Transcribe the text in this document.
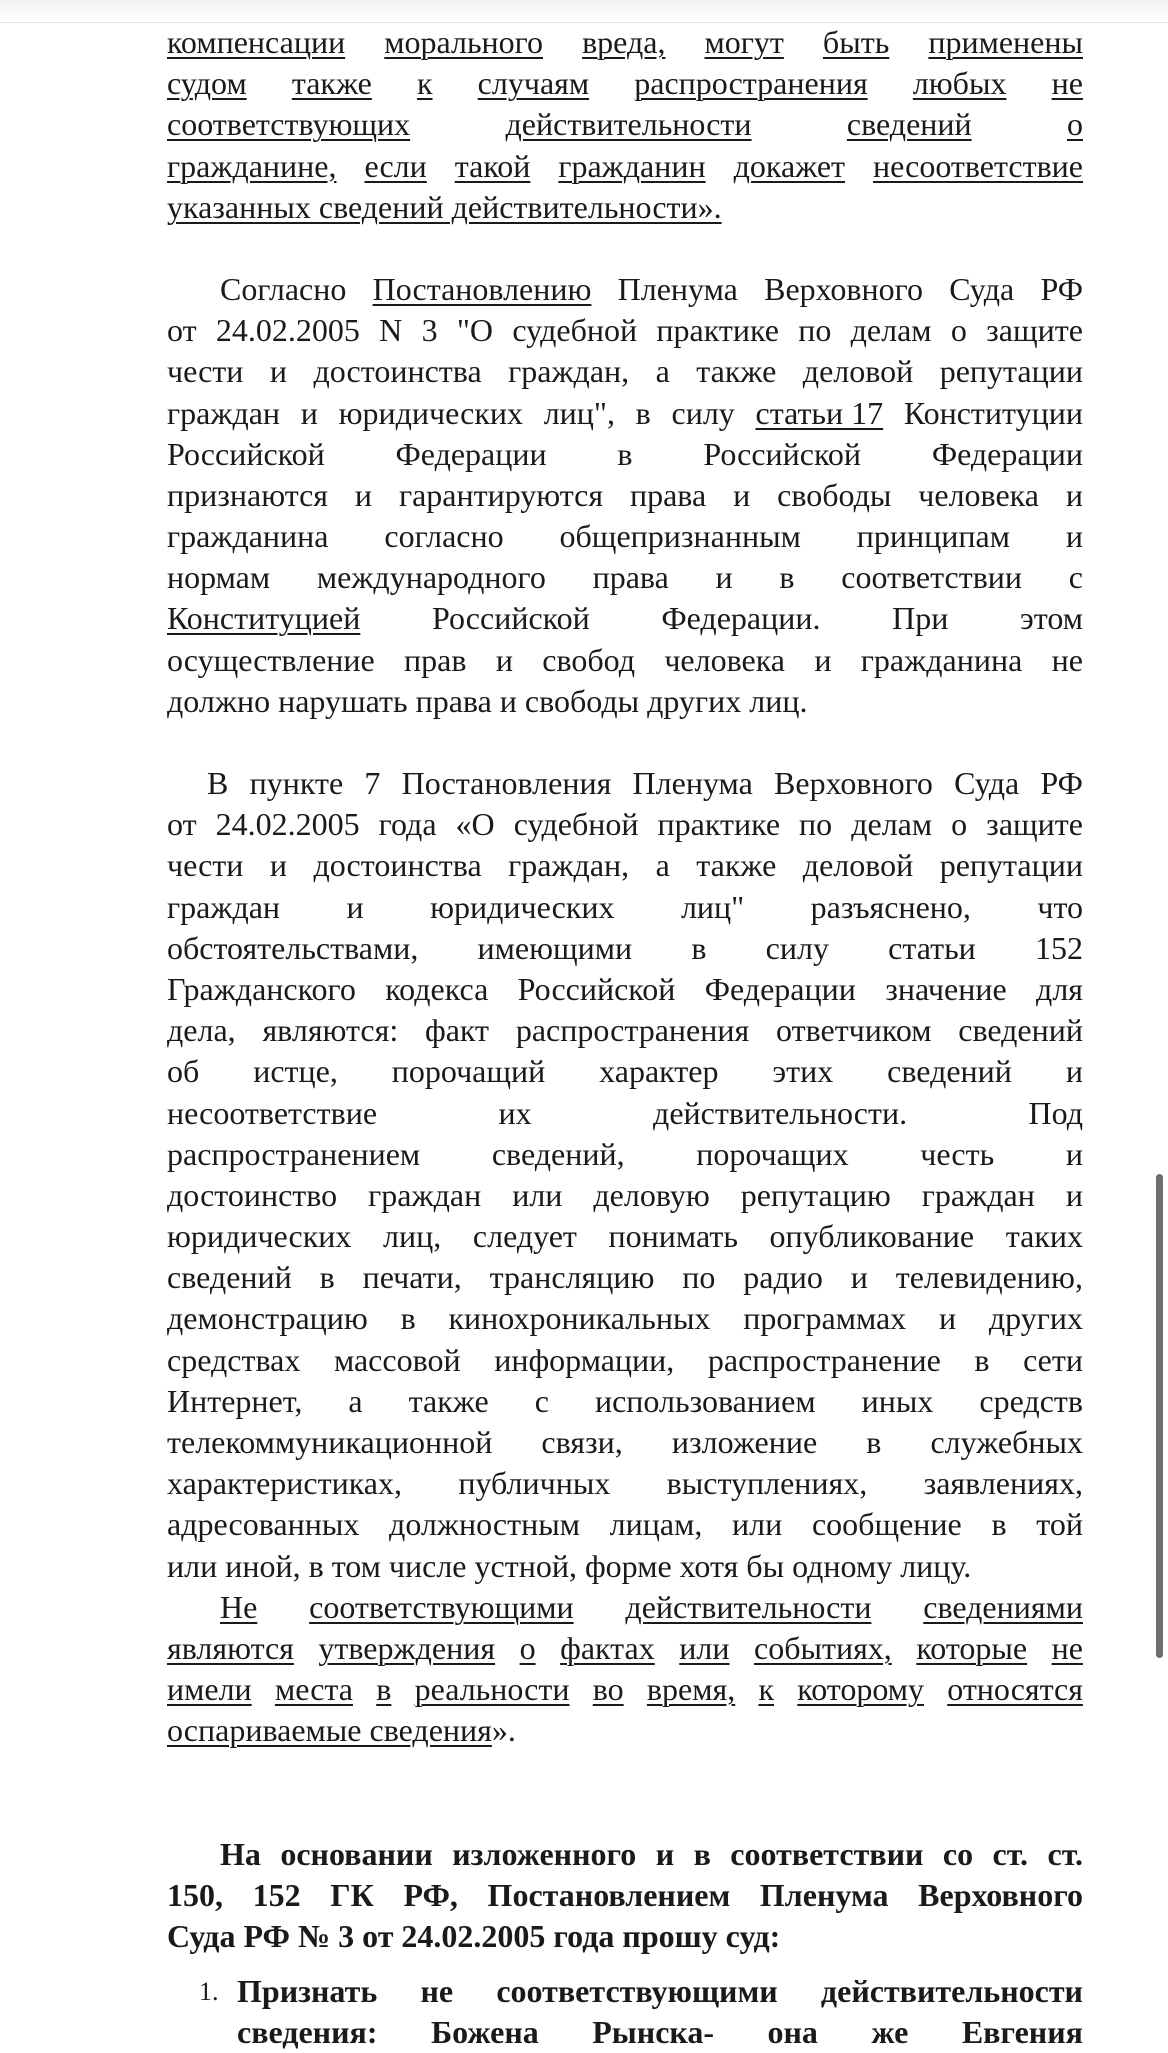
компенсации морального вреда, могут быть применены
судом также к случаям распространения любых не
соответствующих	действительности	сведений	о
гражданине, если такой гражданин докажет несоответствие
указанных сведений действительности».
Согласно Постановлению Пленума Верховного Суда РФ
от 24.02.2005 N 3 "О судебной практике по делам о защите
чести и достоинства граждан, а также деловой репутации
граждан и юридических лиц", в силу статьи 17 Конституции
Российской Федерации в Российской Федерации
признаются и гарантируются права и свободы человека и
гражданина согласно общепризнанным принципам и
нормам международного права и в соответствии с
Конституцией Российской Федерации. При этом
осуществление прав и свобод человека и гражданина не
должно нарушать права и свободы других лиц.
В пункте 7 Постановления Пленума Верховного Суда РФ
от 24.02.2005 года «О судебной практике по делам о защите
чести и достоинства граждан, а также деловой репутации
граждан и юридических лиц" разъяснено, что
обстоятельствами, имеющими в силу статьи 152
Гражданского кодекса Российской Федерации значение для
дела, являются: факт распространения ответчиком сведений
об истце, порочащий характер этих сведений и
несоответствие	их	действительности.	Под
распространением сведений, порочащих честь и
достоинство граждан или деловую репутацию граждан и
юридических лиц, следует понимать опубликование таких
сведений в печати, трансляцию по радио и телевидению,
демонстрацию в кинохроникальных программах и других
средствах массовой информации, распространение в сети
Интернет, а также с использованием иных средств
телекоммуникационной связи, изложение в служебных
характеристиках, публичных выступлениях, заявлениях,
адресованных должностным лицам, или сообщение в той
или иной, в том числе устной, форме хотя бы одному лицу.
Не соответствующими действительности сведениями
являются утверждения о фактах или событиях, которые не
имели места в реальности во время, к которому относятся
оспариваемые сведения ».
На основании изложенного и в соответствии со ст. ст.
150, 152 ГК РФ, Постановлением Пленума Верховного
Суда РФ № 3 от 24.02.2005 года прошу суд:
1. Признать не соответствующими действительности
сведения: Божена Рынска- она же Евгения
